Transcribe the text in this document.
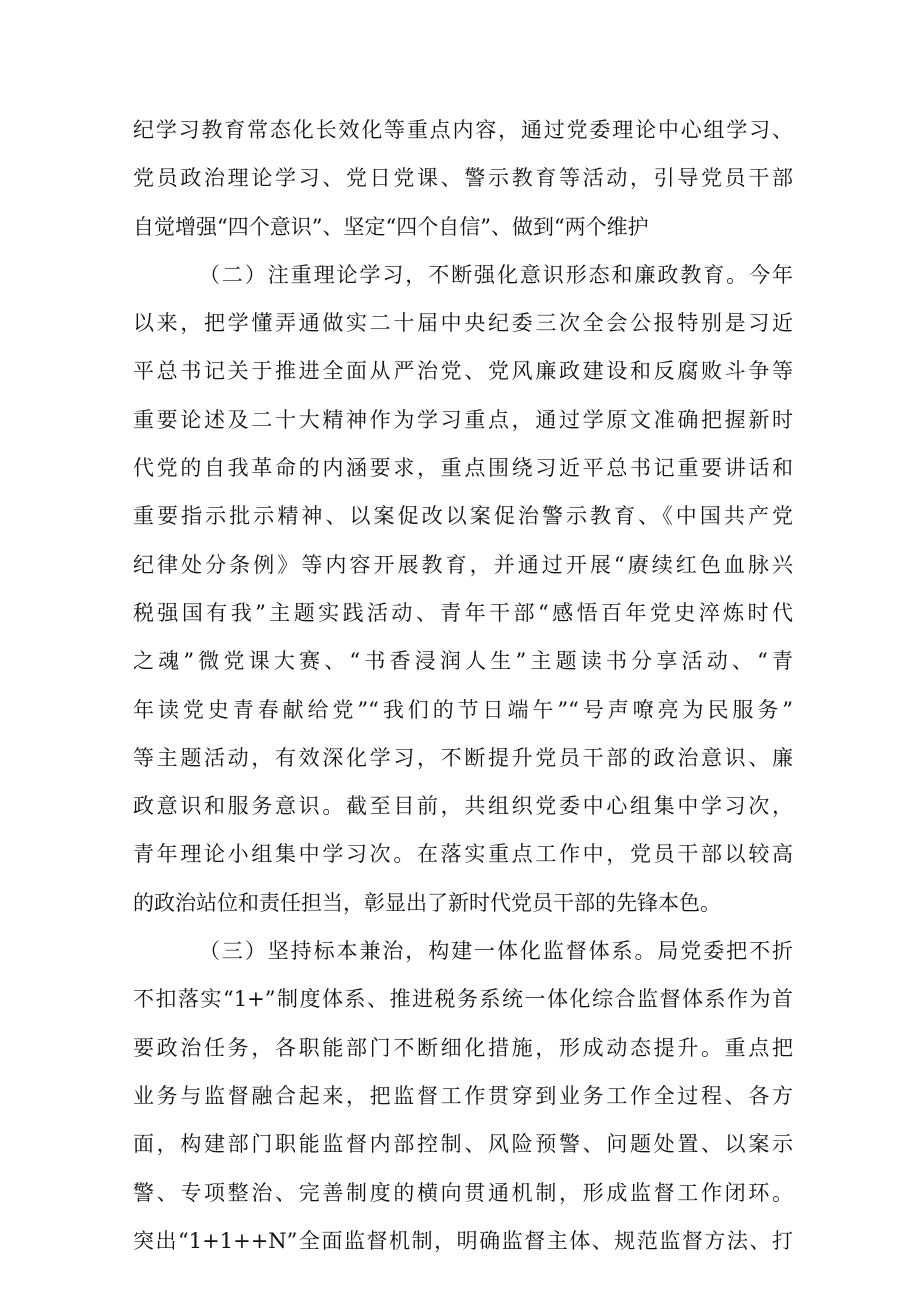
纪学习教育常态化长效化等重点内容，通过党委理论中心组学习、
党员政治理论学习、党日党课、警示教育等活动，引导党员干部
自觉增强“四个意识”、坚定“四个自信”、做到“两个维护
（二）注重理论学习，不断强化意识形态和廉政教育。今年
以来，把学懂弄通做实二十届中央纪委三次全会公报特别是习近
平总书记关于推进全面从严治党、党风廉政建设和反腐败斗争等
重要论述及二十大精神作为学习重点，通过学原文准确把握新时
代党的自我革命的内涵要求，重点围绕习近平总书记重要讲话和
重要指示批示精神、以案促改以案促治警示教育、《中国共产党
纪律处分条例》等内容开展教育，并通过开展“赓续红色血脉兴
税强国有我”主题实践活动、青年干部“感悟百年党史淬炼时代
之魂”微党课大赛、“书香浸润人生”主题读书分享活动、“青
年读党史青春献给党”“我们的节日端午”“号声嘹亮为民服务”
等主题活动，有效深化学习，不断提升党员干部的政治意识、廉
政意识和服务意识。截至目前，共组织党委中心组集中学习次，
青年理论小组集中学习次。在落实重点工作中，党员干部以较高
的政治站位和责任担当，彰显出了新时代党员干部的先锋本色。
（三）坚持标本兼治，构建一体化监督体系。局党委把不折
不扣落实“1+”制度体系、推进税务系统一体化综合监督体系作为首
要政治任务，各职能部门不断细化措施，形成动态提升。重点把
业务与监督融合起来，把监督工作贯穿到业务工作全过程、各方
面，构建部门职能监督内部控制、风险预警、问题处置、以案示
警、专项整治、完善制度的横向贯通机制，形成监督工作闭环。
突出“1+1++N”全面监督机制，明确监督主体、规范监督方法、打
